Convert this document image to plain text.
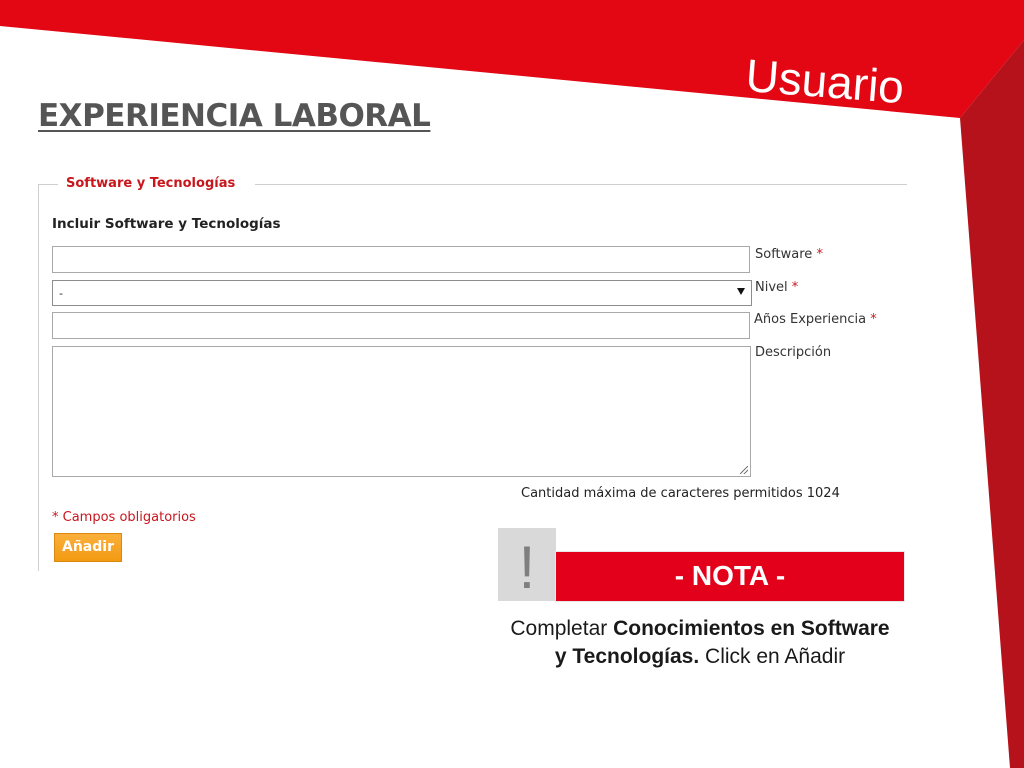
Usuario
EXPERIENCIA LABORAL
Software y Tecnologías
Incluir Software y Tecnologías
Software *
-	Nivel *
Años Experiencia *
Descripción
Cantidad máxima de caracteres permitidos 1024
* Campos obligatorios
Añadir	!	- NOTA -
Completar Conocimientos en Software y Tecnologías. Click en Añadir
